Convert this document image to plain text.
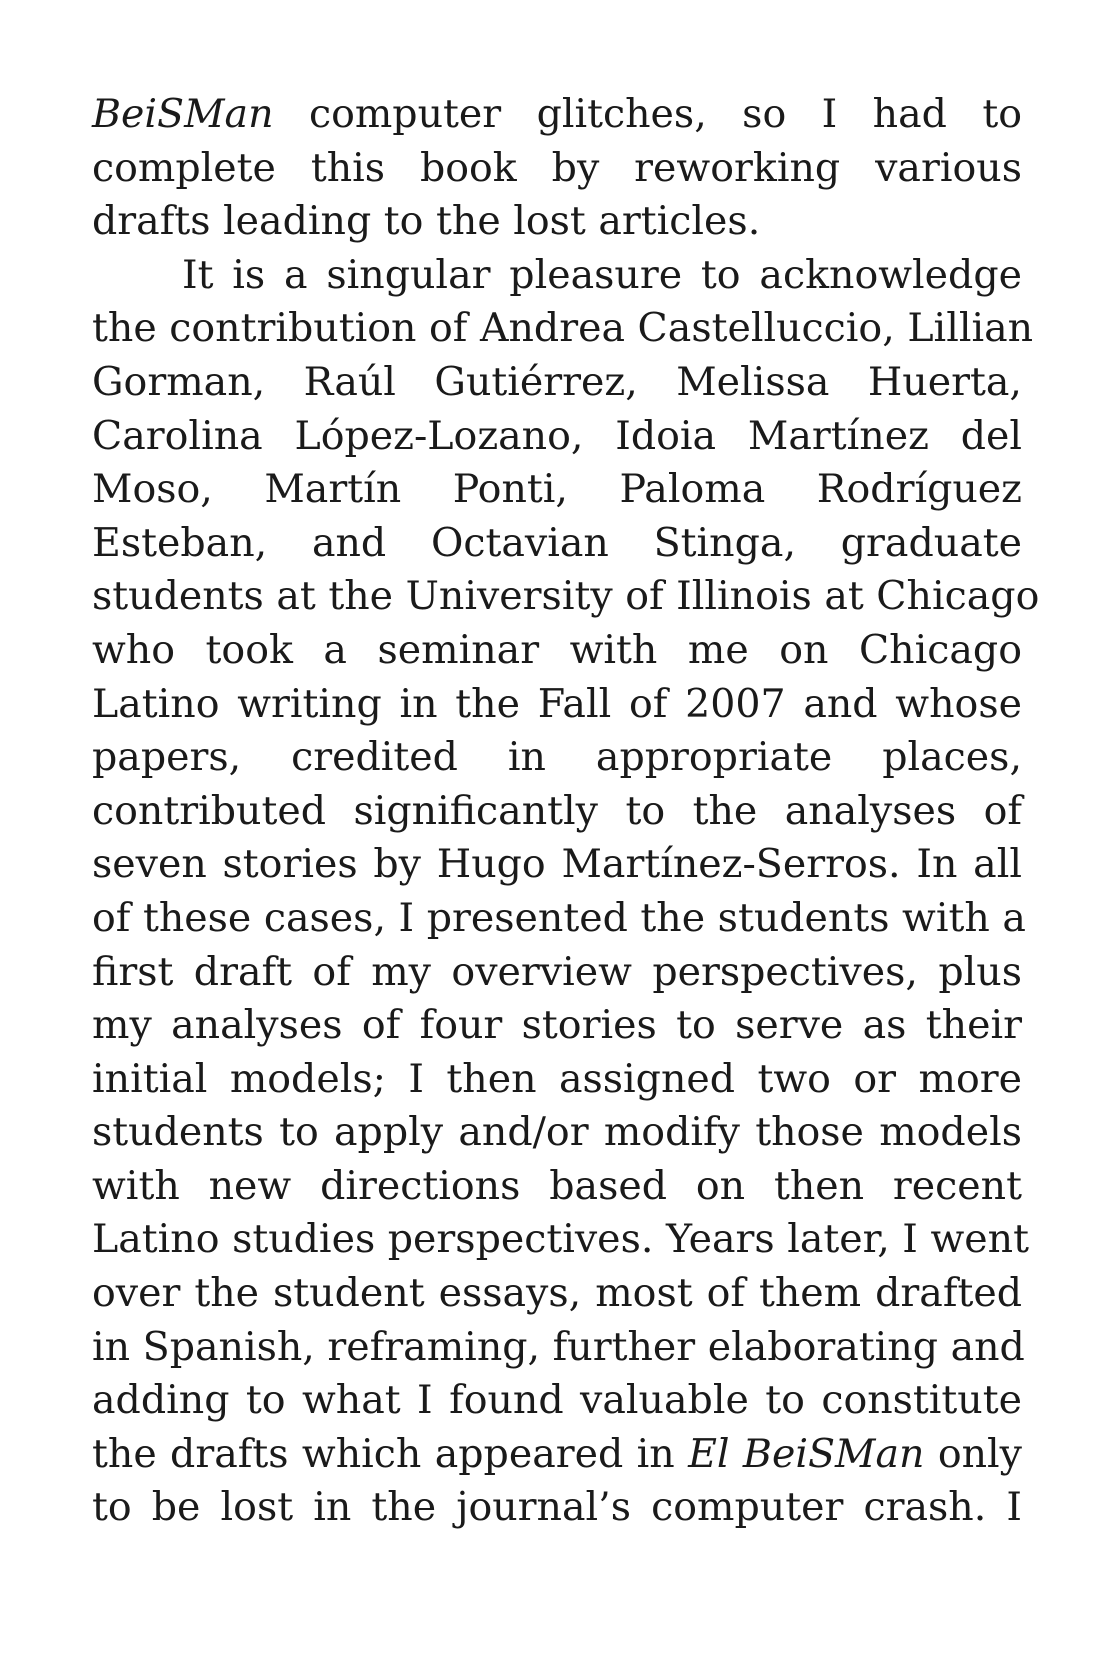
BeiSMan computer glitches, so I had to
complete this book by reworking various
drafts leading to the lost articles.
It is a singular pleasure to acknowledge
the contribution of Andrea Castelluccio, Lillian
Gorman, Raúl Gutiérrez, Melissa Huerta,
Carolina López-Lozano, Idoia Martínez del
Moso, Martín Ponti, Paloma Rodríguez
Esteban, and Octavian Stinga, graduate
students at the University of Illinois at Chicago
who took a seminar with me on Chicago
Latino writing in the Fall of 2007 and whose
papers, credited in appropriate places,
contributed significantly to the analyses of
seven stories by Hugo Martínez-Serros. In all
of these cases, I presented the students with a
first draft of my overview perspectives, plus
my analyses of four stories to serve as their
initial models; I then assigned two or more
students to apply and/or modify those models
with new directions based on then recent
Latino studies perspectives. Years later, I went
over the student essays, most of them drafted
in Spanish, reframing, further elaborating and
adding to what I found valuable to constitute
the drafts which appeared in El BeiSMan only
to be lost in the journal’s computer crash. I
